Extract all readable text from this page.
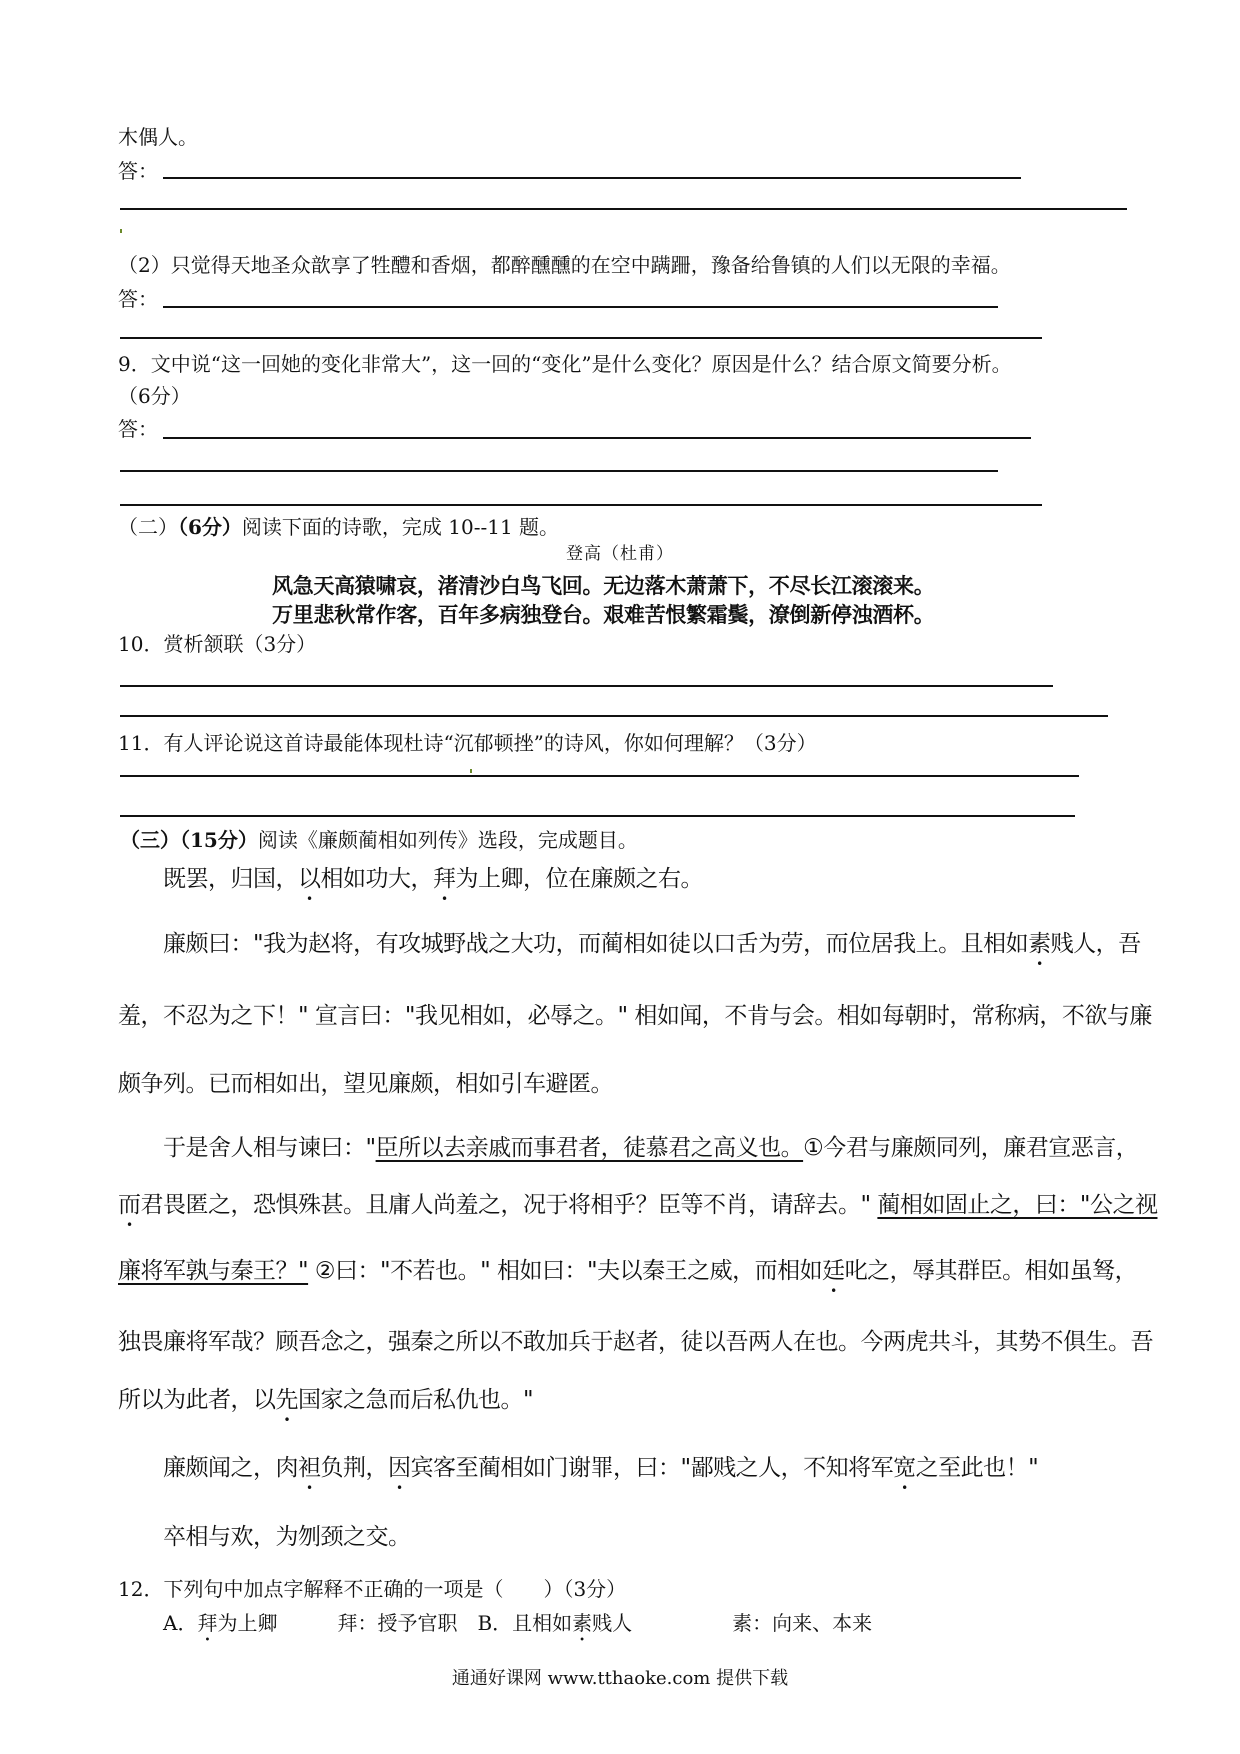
木偶人。
答：
（2）只觉得天地圣众歆享了牲醴和香烟，都醉醺醺的在空中蹒跚，豫备给鲁镇的人们以无限的幸福。
答：
9．文中说“这一回她的变化非常大”，这一回的“变化”是什么变化？原因是什么？结合原文简要分析。
（6分）
答：
（二）（6分）阅读下面的诗歌，完成 10--11 题。
登高（杜甫）
风急天高猿啸哀，渚清沙白鸟飞回。无边落木萧萧下，不尽长江滚滚来。
万里悲秋常作客，百年多病独登台。艰难苦恨繁霜鬓，潦倒新停浊酒杯。
10．赏析颔联（3分）
11．有人评论说这首诗最能体现杜诗“沉郁顿挫”的诗风，你如何理解？（3分）
（三）（15分）阅读《廉颇蔺相如列传》选段，完成题目。
既罢，归国，以相如功大，拜为上卿，位在廉颇之右。
廉颇曰："我为赵将，有攻城野战之大功，而蔺相如徒以口舌为劳，而位居我上。且相如素贱人，吾
羞，不忍为之下！" 宣言曰："我见相如，必辱之。" 相如闻，不肯与会。相如每朝时，常称病，不欲与廉
颇争列。已而相如出，望见廉颇，相如引车避匿。
于是舍人相与谏曰："臣所以去亲戚而事君者，徒慕君之高义也。①今君与廉颇同列，廉君宣恶言，
而君畏匿之，恐惧殊甚。且庸人尚羞之，况于将相乎？臣等不肖，请辞去。" 蔺相如固止之，曰："公之视
廉将军孰与秦王？" ②曰："不若也。" 相如曰："夫以秦王之威，而相如廷叱之，辱其群臣。相如虽驽，
独畏廉将军哉？顾吾念之，强秦之所以不敢加兵于赵者，徒以吾两人在也。今两虎共斗，其势不俱生。吾
所以为此者，以先国家之急而后私仇也。"
廉颇闻之，肉袒负荆，因宾客至蔺相如门谢罪，曰："鄙贱之人，不知将军宽之至此也！"
卒相与欢，为刎颈之交。
12．下列句中加点字解释不正确的一项是（　　）（3分）
A．拜为上卿　　　拜：授予官职　B．且相如素贱人　　　　　素：向来、本来
通通好课网 www.tthaoke.com 提供下载
